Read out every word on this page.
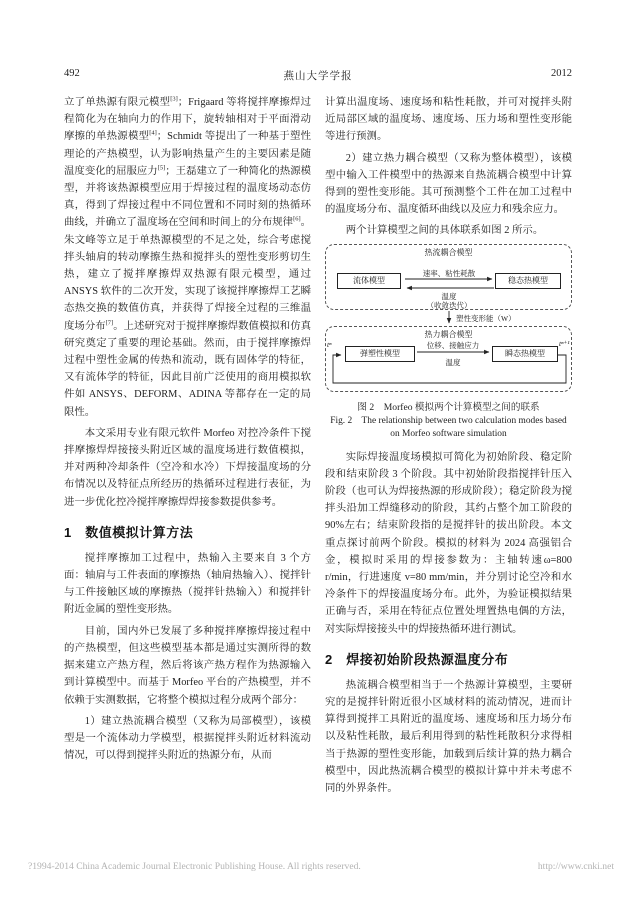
492	燕山大学学报	2012

立了单热源有限元模型[3]；Frigaard 等将搅拌摩擦焊过程简化为在轴向力的作用下，旋转轴相对于平面滑动摩擦的单热源模型[4]；Schmidt 等提出了一种基于塑性理论的产热模型，认为影响热量产生的主要因素是随温度变化的屈服应力[5]；王磊建立了一种简化的热源模型，并将该热源模型应用于焊接过程的温度场动态仿真，得到了焊接过程中不同位置和不同时刻的热循环曲线，并确立了温度场在空间和时间上的分布规律[6]。朱文峰等立足于单热源模型的不足之处，综合考虑搅拌头轴肩的转动摩擦生热和搅拌头的塑性变形剪切生热，建立了搅拌摩擦焊双热源有限元模型，通过 ANSYS 软件的二次开发，实现了该搅拌摩擦焊工艺瞬态热交换的数值仿真，并获得了焊接全过程的三维温度场分布[7]。上述研究对于搅拌摩擦焊数值模拟和仿真研究奠定了重要的理论基础。然而，由于搅拌摩擦焊过程中塑性金属的传热和流动，既有固体学的特征，又有流体学的特征，因此目前广泛使用的商用模拟软件如 ANSYS、DEFORM、ADINA 等都存在一定的局限性。

本文采用专业有限元软件 Morfeo 对控冷条件下搅拌摩擦焊焊接接头附近区域的温度场进行数值模拟，并对两种冷却条件（空冷和水冷）下焊接温度场的分布情况以及特征点所经历的热循环过程进行表征，为进一步优化控冷搅拌摩擦焊焊接参数提供参考。

1　数值模拟计算方法

搅拌摩擦加工过程中，热输入主要来自 3 个方面：轴肩与工件表面的摩擦热（轴肩热输入）、搅拌针与工件接触区域的摩擦热（搅拌针热输入）和搅拌针附近金属的塑性变形热。

目前，国内外已发展了多种搅拌摩擦焊接过程中的产热模型，但这些模型基本都是通过实测所得的数据来建立产热方程，然后将该产热方程作为热源输入到计算模型中。而基于 Morfeo 平台的产热模型，并不依赖于实测数据，它将整个模拟过程分成两个部分：

1）建立热流耦合模型（又称为局部模型），该模型是一个流体动力学模型，根据搅拌头附近材料流动情况，可以得到搅拌头附近的热源分布，从而

计算出温度场、速度场和粘性耗散，并可对搅拌头附近局部区域的温度场、速度场、压力场和塑性变形能等进行预测。

2）建立热力耦合模型（又称为整体模型），该模型中输入工件模型中的热源来自热流耦合模型中计算得到的塑性变形能。其可预测整个工件在加工过程中的温度场分布、温度循环曲线以及应力和残余应力。

两个计算模型之间的具体联系如图 2 所示。

热流耦合模型
流体模型	稳态热模型
速率、粘性耗散
温度
（收敛迭代）
塑性变形能（W）
热力耦合模型
弹塑性模型	瞬态热模型
位移、接触应力
温度
tⁿ	tⁿ⁺¹
图 2　Morfeo 模拟两个计算模型之间的联系
Fig. 2　The relationship between two calculation modes based
on Morfeo software simulation

实际焊接温度场模拟可简化为初始阶段、稳定阶段和结束阶段 3 个阶段。其中初始阶段指搅拌针压入阶段（也可认为焊接热源的形成阶段）；稳定阶段为搅拌头沿加工焊缝移动的阶段，其约占整个加工阶段的 90%左右；结束阶段指的是搅拌针的拔出阶段。本文重点探讨前两个阶段。模拟的材料为 2024 高强铝合金，模拟时采用的焊接参数为：主轴转速ω=800 r/min，行进速度 v=80 mm/min，并分别讨论空冷和水冷条件下的焊接温度场分布。此外，为验证模拟结果正确与否，采用在特征点位置处埋置热电偶的方法，对实际焊接接头中的焊接热循环进行测试。

2　焊接初始阶段热源温度分布

热流耦合模型相当于一个热源计算模型，主要研究的是搅拌针附近很小区域材料的流动情况，进而计算得到搅拌工具附近的温度场、速度场和压力场分布以及粘性耗散，最后利用得到的粘性耗散积分求得相当于热源的塑性变形能，加载到后续计算的热力耦合模型中，因此热流耦合模型的模拟计算中并未考虑不同的外界条件。

?1994-2014 China Academic Journal Electronic Publishing House. All rights reserved.	http://www.cnki.net
